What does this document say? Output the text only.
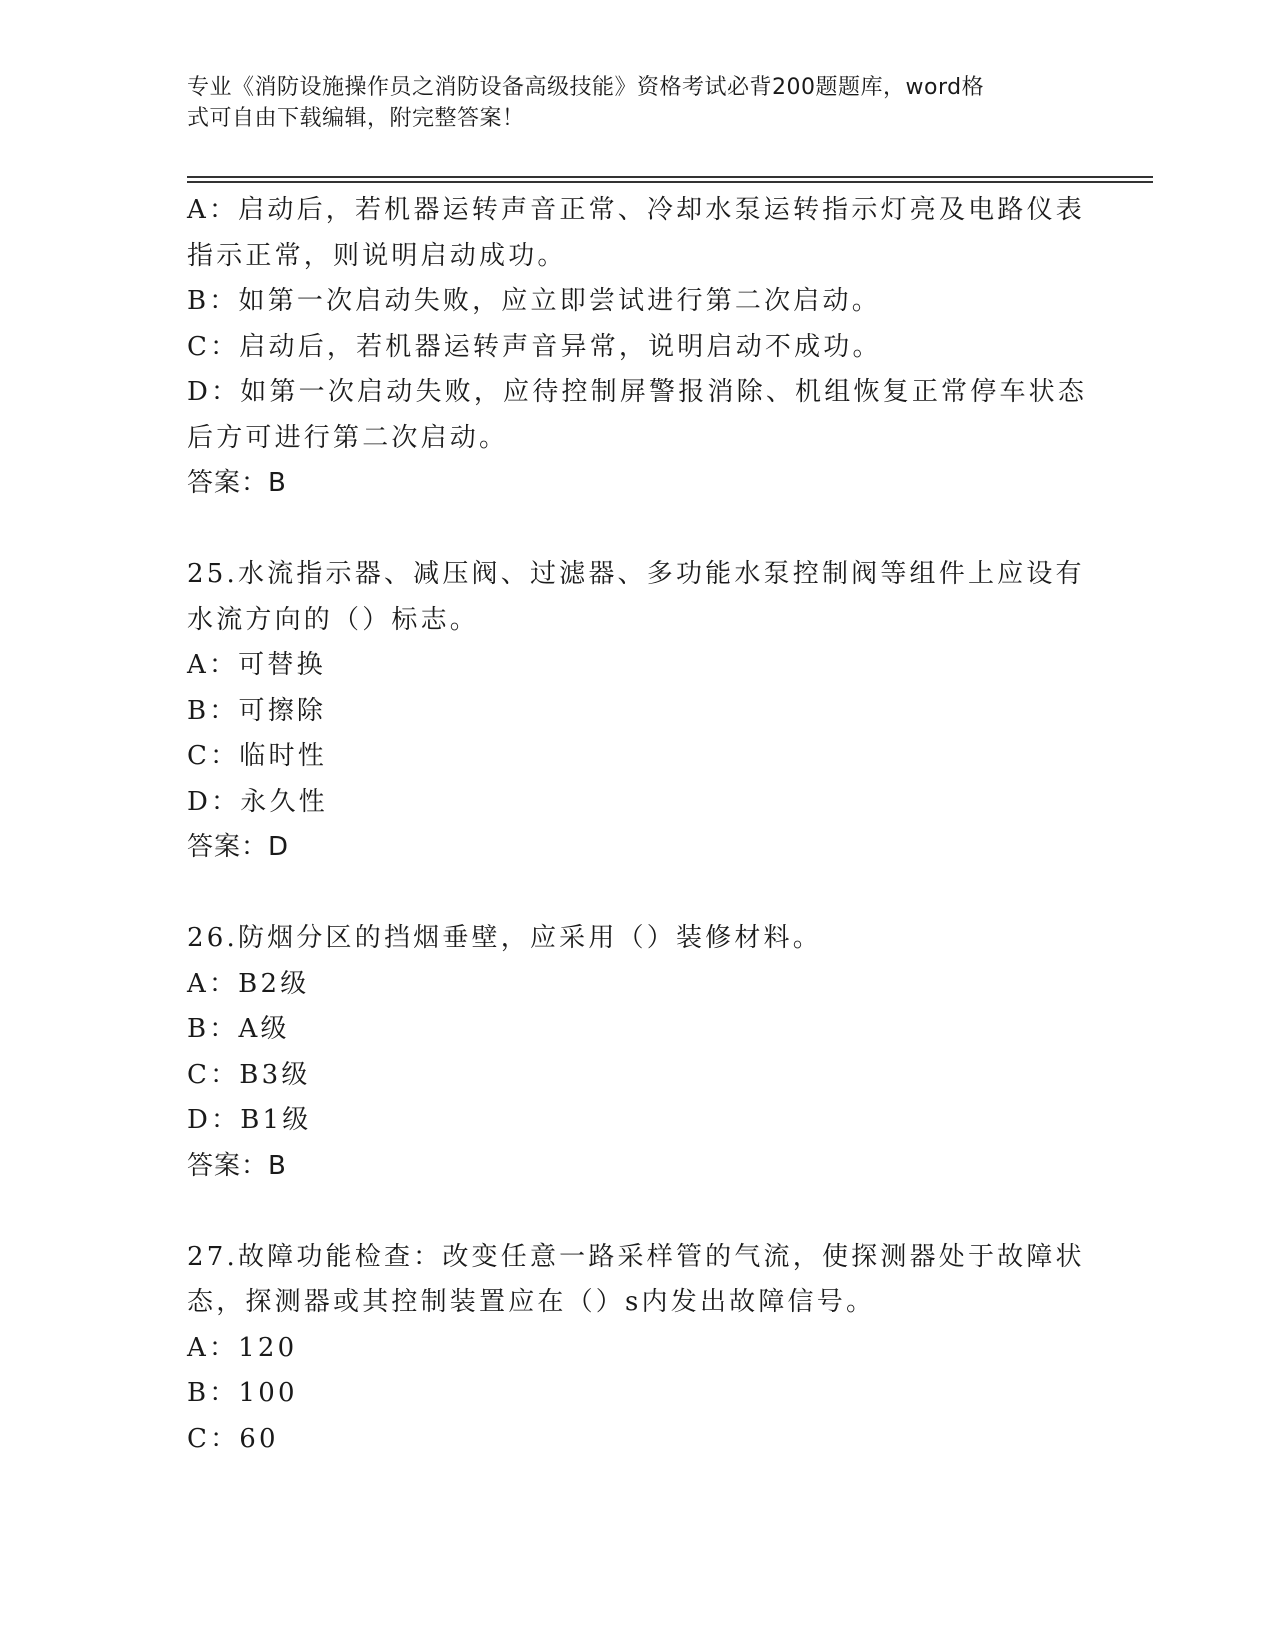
专业《消防设施操作员之消防设备高级技能》资格考试必背200题题库，word格
式可自由下载编辑，附完整答案！
A：启动后，若机器运转声音正常、冷却水泵运转指示灯亮及电路仪表
指示正常，则说明启动成功。
B：如第一次启动失败，应立即尝试进行第二次启动。
C：启动后，若机器运转声音异常，说明启动不成功。
D：如第一次启动失败，应待控制屏警报消除、机组恢复正常停车状态
后方可进行第二次启动。
答案：B
25.水流指示器、减压阀、过滤器、多功能水泵控制阀等组件上应设有
水流方向的（）标志。
A：可替换
B：可擦除
C：临时性
D：永久性
答案：D
26.防烟分区的挡烟垂壁，应采用（）装修材料。
A：B2级
B：A级
C：B3级
D：B1级
答案：B
27.故障功能检查：改变任意一路采样管的气流，使探测器处于故障状
态，探测器或其控制装置应在（）s内发出故障信号。
A：120
B：100
C：60
